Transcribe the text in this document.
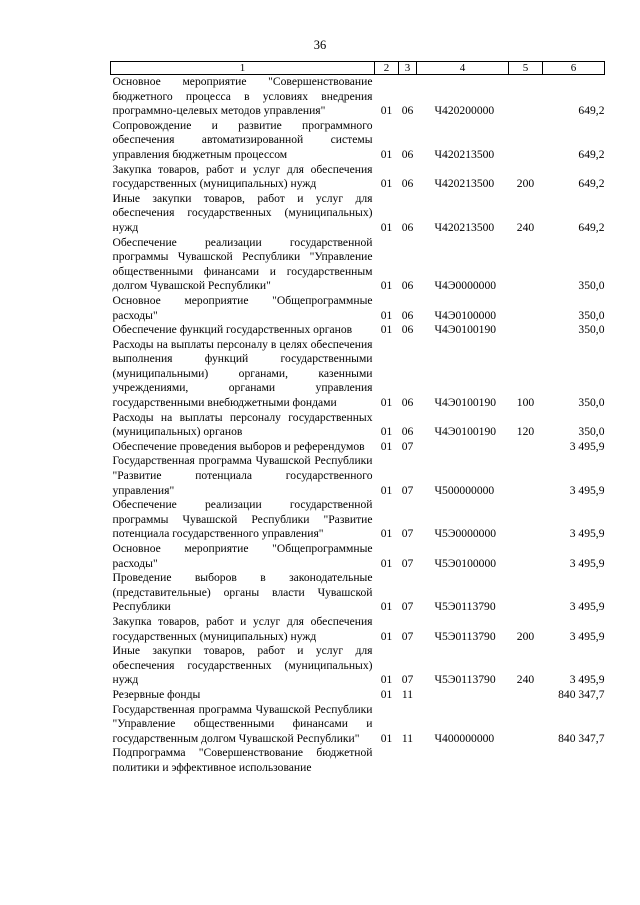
36
1	2	3	4	5	6
Основное мероприятие "Совершенствование бюджетного процесса в условиях внедрения программно-целевых методов управления"	01	06	Ч420200000		649,2
Сопровождение и развитие программного обеспечения автоматизированной системы управления бюджетным процессом	01	06	Ч420213500		649,2
Закупка товаров, работ и услуг для обеспечения государственных (муниципальных) нужд	01	06	Ч420213500	200	649,2
Иные закупки товаров, работ и услуг для обеспечения государственных (муниципальных) нужд	01	06	Ч420213500	240	649,2
Обеспечение реализации государственной программы Чувашской Республики "Управление общественными финансами и государственным долгом Чувашской Республики"	01	06	Ч4Э0000000		350,0
Основное мероприятие "Общепрограммные расходы"	01	06	Ч4Э0100000		350,0
Обеспечение функций государственных органов	01	06	Ч4Э0100190		350,0
Расходы на выплаты персоналу в целях обеспечения выполнения функций государственными (муниципальными) органами, казенными учреждениями, органами управления государственными внебюджетными фондами	01	06	Ч4Э0100190	100	350,0
Расходы на выплаты персоналу государственных (муниципальных) органов	01	06	Ч4Э0100190	120	350,0
Обеспечение проведения выборов и референдумов	01	07			3 495,9
Государственная программа Чувашской Республики "Развитие потенциала государственного управления"	01	07	Ч500000000		3 495,9
Обеспечение реализации государственной программы Чувашской Республики "Развитие потенциала государственного управления"	01	07	Ч5Э0000000		3 495,9
Основное мероприятие "Общепрограммные расходы"	01	07	Ч5Э0100000		3 495,9
Проведение выборов в законодательные (представительные) органы власти Чувашской Республики	01	07	Ч5Э0113790		3 495,9
Закупка товаров, работ и услуг для обеспечения государственных (муниципальных) нужд	01	07	Ч5Э0113790	200	3 495,9
Иные закупки товаров, работ и услуг для обеспечения государственных (муниципальных) нужд	01	07	Ч5Э0113790	240	3 495,9
Резервные фонды	01	11			840 347,7
Государственная программа Чувашской Республики "Управление общественными финансами и государственным долгом Чувашской Республики"	01	11	Ч400000000		840 347,7
Подпрограмма "Совершенствование бюджетной политики и эффективное использование					
